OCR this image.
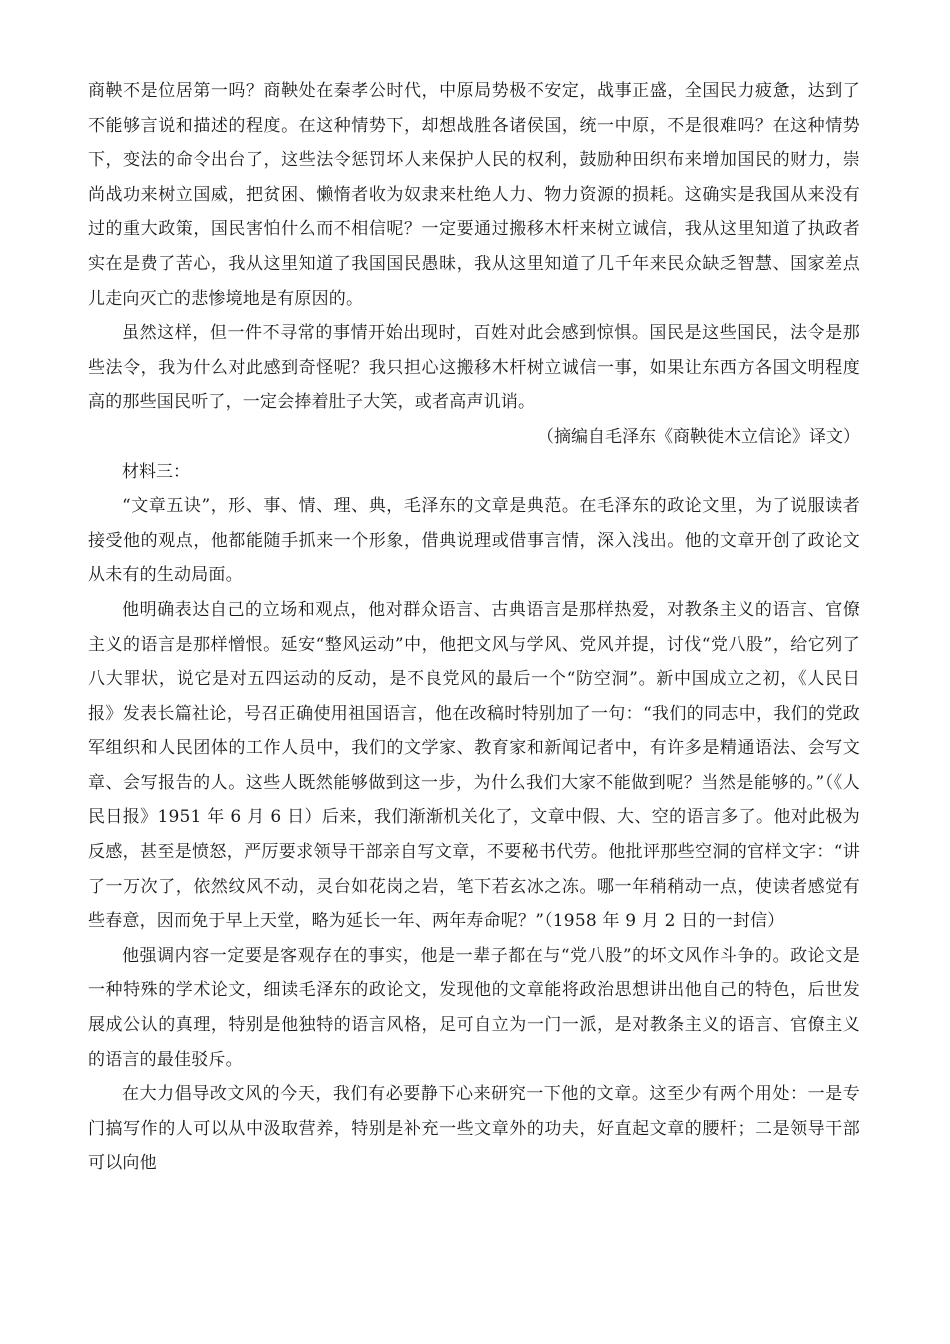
商鞅不是位居第一吗？商鞅处在秦孝公时代，中原局势极不安定，战事正盛，全国民力疲惫，达到了不能够言说和描述的程度。在这种情势下，却想战胜各诸侯国，统一中原，不是很难吗？在这种情势下，变法的命令出台了，这些法令惩罚坏人来保护人民的权利，鼓励种田织布来增加国民的财力，崇尚战功来树立国威，把贫困、懒惰者收为奴隶来杜绝人力、物力资源的损耗。这确实是我国从来没有过的重大政策，国民害怕什么而不相信呢？一定要通过搬移木杆来树立诚信，我从这里知道了执政者实在是费了苦心，我从这里知道了我国国民愚昧，我从这里知道了几千年来民众缺乏智慧、国家差点儿走向灭亡的悲惨境地是有原因的。

虽然这样，但一件不寻常的事情开始出现时，百姓对此会感到惊惧。国民是这些国民，法令是那些法令，我为什么对此感到奇怪呢？我只担心这搬移木杆树立诚信一事，如果让东西方各国文明程度高的那些国民听了，一定会捧着肚子大笑，或者高声讥诮。

（摘编自毛泽东《商鞅徙木立信论》译文）

材料三：

“文章五诀”，形、事、情、理、典，毛泽东的文章是典范。在毛泽东的政论文里，为了说服读者接受他的观点，他都能随手抓来一个形象，借典说理或借事言情，深入浅出。他的文章开创了政论文从未有的生动局面。

他明确表达自己的立场和观点，他对群众语言、古典语言是那样热爱，对教条主义的语言、官僚主义的语言是那样憎恨。延安“整风运动”中，他把文风与学风、党风并提，讨伐“党八股”，给它列了八大罪状，说它是对五四运动的反动，是不良党风的最后一个“防空洞”。新中国成立之初，《人民日报》发表长篇社论，号召正确使用祖国语言，他在改稿时特别加了一句：“我们的同志中，我们的党政军组织和人民团体的工作人员中，我们的文学家、教育家和新闻记者中，有许多是精通语法、会写文章、会写报告的人。这些人既然能够做到这一步，为什么我们大家不能做到呢？当然是能够的。”（《人民日报》1951 年 6 月 6 日）后来，我们渐渐机关化了，文章中假、大、空的语言多了。他对此极为反感，甚至是愤怒，严厉要求领导干部亲自写文章，不要秘书代劳。他批评那些空洞的官样文字：“讲了一万次了，依然纹风不动，灵台如花岗之岩，笔下若玄冰之冻。哪一年稍稍动一点，使读者感觉有些春意，因而免于早上天堂，略为延长一年、两年寿命呢？”（1958 年 9 月 2 日的一封信）

他强调内容一定要是客观存在的事实，他是一辈子都在与“党八股”的坏文风作斗争的。政论文是一种特殊的学术论文，细读毛泽东的政论文，发现他的文章能将政治思想讲出他自己的特色，后世发展成公认的真理，特别是他独特的语言风格，足可自立为一门一派，是对教条主义的语言、官僚主义的语言的最佳驳斥。

在大力倡导改文风的今天，我们有必要静下心来研究一下他的文章。这至少有两个用处：一是专门搞写作的人可以从中汲取营养，特别是补充一些文章外的功夫，好直起文章的腰杆；二是领导干部可以向他
